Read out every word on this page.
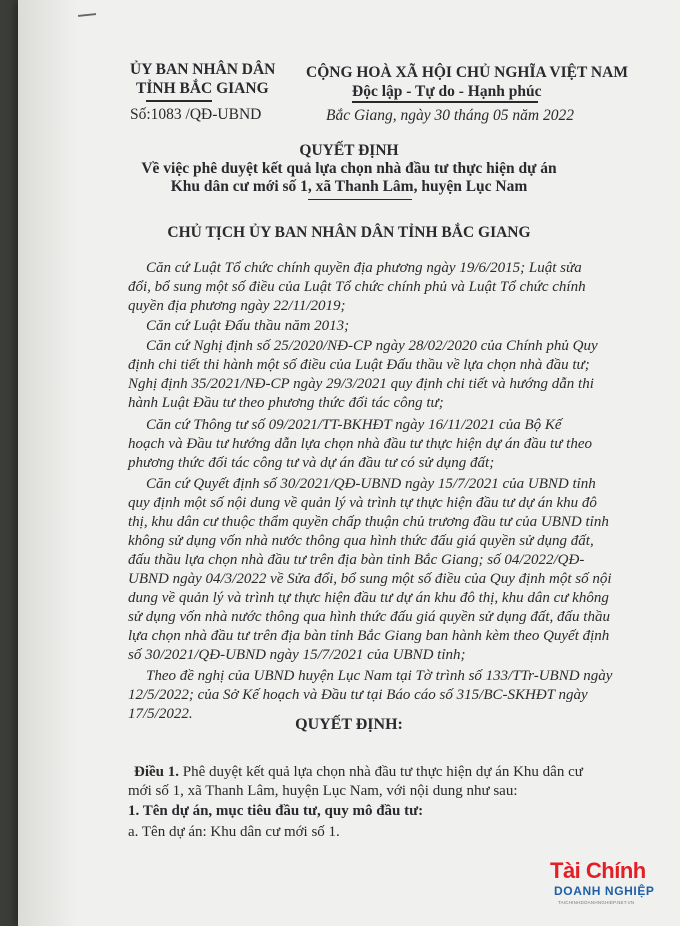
ỦY BAN NHÂN DÂN
TỈNH BẮC GIANG
Số:1083 /QĐ-UBND
CỘNG HOÀ XÃ HỘI CHỦ NGHĨA VIỆT NAM
Độc lập - Tự do - Hạnh phúc
Bắc Giang, ngày 30 tháng 05 năm 2022
QUYẾT ĐỊNH
Về việc phê duyệt kết quả lựa chọn nhà đầu tư thực hiện dự án
Khu dân cư mới số 1, xã Thanh Lâm, huyện Lục Nam
CHỦ TỊCH ỦY BAN NHÂN DÂN TỈNH BẮC GIANG
Căn cứ Luật Tổ chức chính quyền địa phương ngày 19/6/2015; Luật sửa
đổi, bổ sung một số điều của Luật Tổ chức chính phủ và Luật Tổ chức chính
quyền địa phương ngày 22/11/2019;
Căn cứ Luật Đấu thầu năm 2013;
Căn cứ Nghị định số 25/2020/NĐ-CP ngày 28/02/2020 của Chính phủ Quy
định chi tiết thi hành một số điều của Luật Đấu thầu về lựa chọn nhà đầu tư;
Nghị định 35/2021/NĐ-CP ngày 29/3/2021 quy định chi tiết và hướng dẫn thi
hành Luật Đầu tư theo phương thức đối tác công tư;
Căn cứ Thông tư số 09/2021/TT-BKHĐT ngày 16/11/2021 của Bộ Kế
hoạch và Đầu tư hướng dẫn lựa chọn nhà đầu tư thực hiện dự án đầu tư theo
phương thức đối tác công tư và dự án đầu tư có sử dụng đất;
Căn cứ Quyết định số 30/2021/QĐ-UBND ngày 15/7/2021 của UBND tỉnh
quy định một số nội dung về quản lý và trình tự thực hiện đầu tư dự án khu đô
thị, khu dân cư thuộc thẩm quyền chấp thuận chủ trương đầu tư của UBND tỉnh
không sử dụng vốn nhà nước thông qua hình thức đấu giá quyền sử dụng đất,
đấu thầu lựa chọn nhà đầu tư trên địa bàn tỉnh Bắc Giang; số 04/2022/QĐ-
UBND ngày 04/3/2022 về Sửa đổi, bổ sung một số điều của Quy định một số nội
dung về quản lý và trình tự thực hiện đầu tư dự án khu đô thị, khu dân cư không
sử dụng vốn nhà nước thông qua hình thức đấu giá quyền sử dụng đất, đấu thầu
lựa chọn nhà đầu tư trên địa bàn tỉnh Bắc Giang ban hành kèm theo Quyết định
số 30/2021/QĐ-UBND ngày 15/7/2021 của UBND tỉnh;
Theo đề nghị của UBND huyện Lục Nam tại Tờ trình số 133/TTr-UBND ngày
12/5/2022; của Sở Kế hoạch và Đầu tư tại Báo cáo số 315/BC-SKHĐT ngày
17/5/2022.
QUYẾT ĐỊNH:
Điều 1. Phê duyệt kết quả lựa chọn nhà đầu tư thực hiện dự án Khu dân cư
mới số 1, xã Thanh Lâm, huyện Lục Nam, với nội dung như sau:
1. Tên dự án, mục tiêu đầu tư, quy mô đầu tư:
a. Tên dự án: Khu dân cư mới số 1.
Tài Chính
DOANH NGHIỆP
TAICHINHDOANHNGHIEP.NET.VN
